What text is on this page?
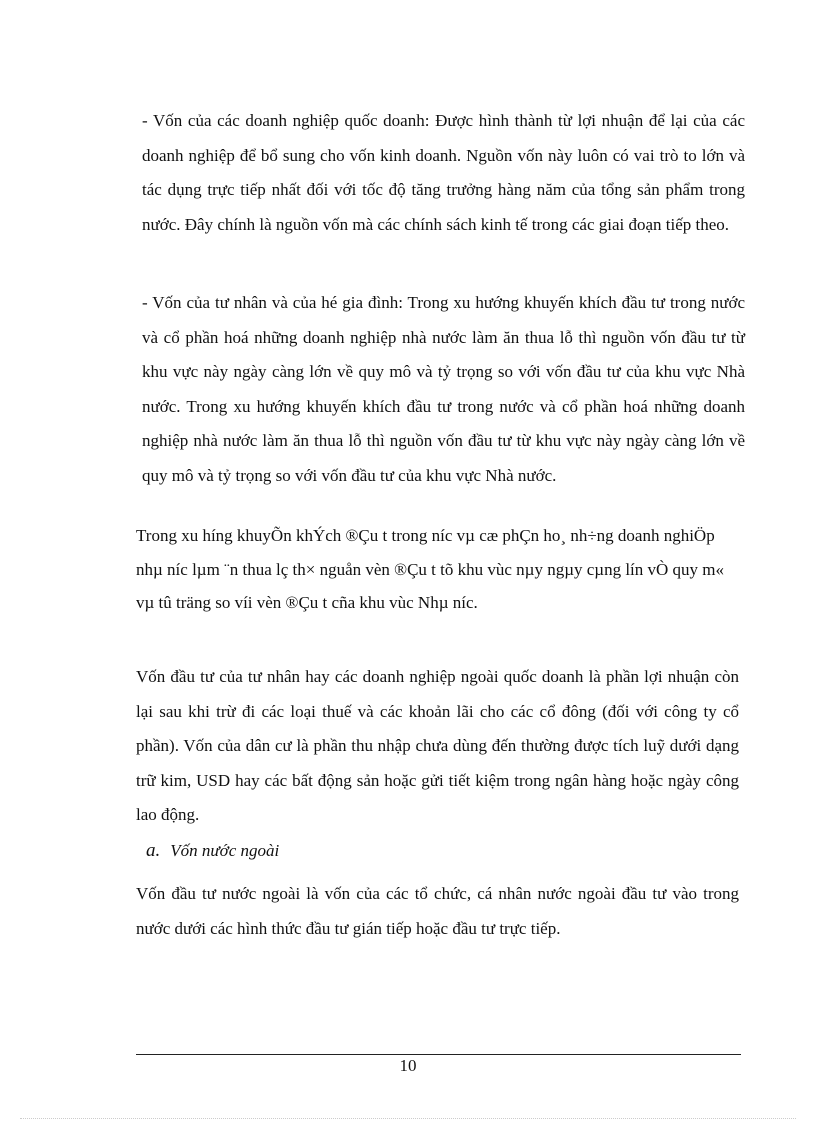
- Vốn của các doanh nghiệp quốc doanh: Được hình thành từ lợi nhuận để lại của các doanh nghiệp để bổ sung cho vốn kinh doanh. Nguồn vốn này luôn có vai trò to lớn và tác dụng trực tiếp nhất đối với tốc độ tăng trưởng hàng năm của tổng sản phẩm trong nước. Đây chính là nguồn vốn mà các chính sách kinh tế trong các giai đoạn tiếp theo.

- Vốn của tư nhân và của hé gia đình: Trong xu hướng khuyến khích đầu tư trong nước và cổ phần hoá những doanh nghiệp nhà nước làm ăn thua lỗ thì nguồn vốn đầu tư từ khu vực này ngày càng lớn về quy mô và tỷ trọng so với vốn đầu tư của khu vực Nhà nước. Trong xu hướng khuyến khích đầu tư trong nước và cổ phần hoá những doanh nghiệp nhà nước làm ăn thua lỗ thì nguồn vốn đầu tư từ khu vực này ngày càng lớn về quy mô và tỷ trọng so với vốn đầu tư của khu vực Nhà nước.

Trong xu híng khuyÕn khÝch ®Çu t trong níc vµ cæ phÇn ho¸ nh÷ng doanh nghiÖp nhµ níc lµm ¨n thua lç th× nguån vèn ®Çu t tõ khu vùc nµy ngµy cµng lín vÒ quy m« vµ tû träng so víi vèn ®Çu t cña khu vùc Nhµ níc.

Vốn đầu tư của tư nhân hay các doanh nghiệp ngoài quốc doanh là phần lợi nhuận còn lại sau khi trừ đi các loại thuế và các khoản lãi cho các cổ đông (đối với công ty cổ phần). Vốn của dân cư là phần thu nhập chưa dùng đến thường được tích luỹ dưới dạng trữ kim, USD hay các bất động sản hoặc gửi tiết kiệm trong ngân hàng hoặc ngày công lao động.

a. Vốn nước ngoài

Vốn đầu tư nước ngoài là vốn của các tổ chức, cá nhân nước ngoài đầu tư vào trong nước dưới các hình thức đầu tư gián tiếp hoặc đầu tư trực tiếp.

10
